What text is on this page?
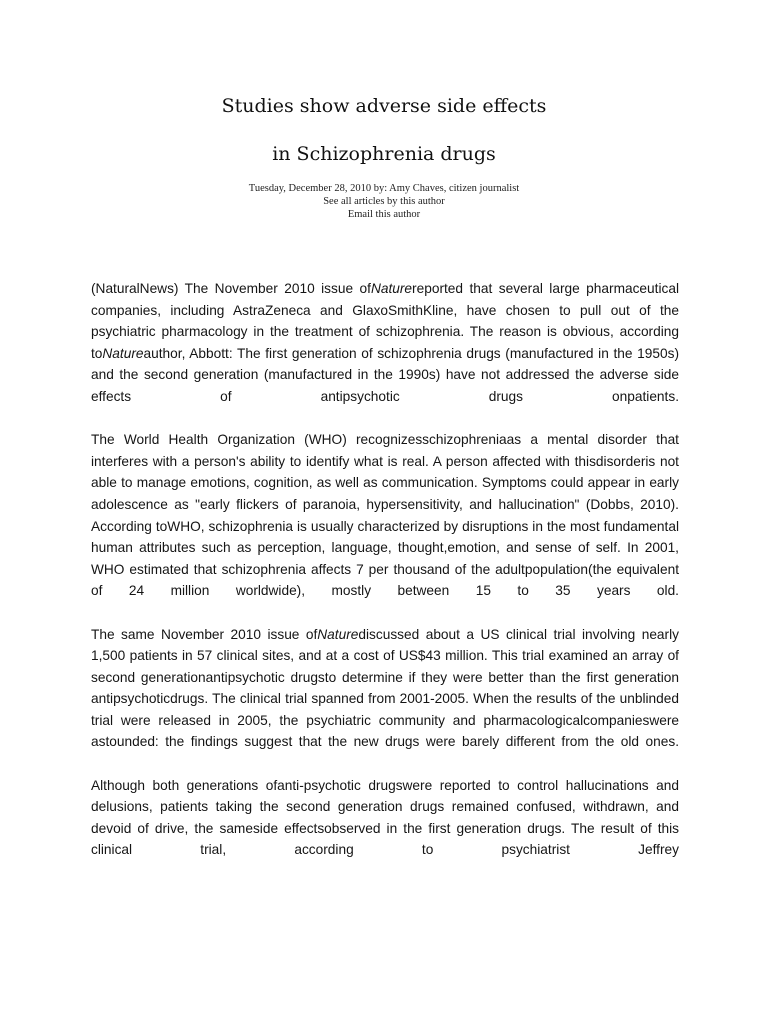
Studies show adverse side effects
in Schizophrenia drugs
Tuesday, December 28, 2010 by: Amy Chaves, citizen journalist
See all articles by this author
Email this author

(NaturalNews) The November 2010 issue ofNaturereported that several large pharmaceutical companies, including AstraZeneca and GlaxoSmithKline, have chosen to pull out of the psychiatric pharmacology in the treatment of schizophrenia. The reason is obvious, according toNatureauthor, Abbott: The first generation of schizophrenia drugs (manufactured in the 1950s) and the second generation (manufactured in the 1990s) have not addressed the adverse side effects of antipsychotic drugs onpatients.

The World Health Organization (WHO) recognizesschizophreniaas a mental disorder that interferes with a person's ability to identify what is real. A person affected with thisdisorderis not able to manage emotions, cognition, as well as communication. Symptoms could appear in early adolescence as "early flickers of paranoia, hypersensitivity, and hallucination" (Dobbs, 2010). According toWHO, schizophrenia is usually characterized by disruptions in the most fundamental human attributes such as perception, language, thought,emotion, and sense of self. In 2001, WHO estimated that schizophrenia affects 7 per thousand of the adultpopulation(the equivalent of 24 million worldwide), mostly between 15 to 35 years old.

The same November 2010 issue ofNaturediscussed about a US clinical trial involving nearly 1,500 patients in 57 clinical sites, and at a cost of US$43 million. This trial examined an array of second generationantipsychotic drugsto determine if they were better than the first generation antipsychoticdrugs. The clinical trial spanned from 2001-2005. When the results of the unblinded trial were released in 2005, the psychiatric community and pharmacologicalcompanieswere astounded: the findings suggest that the new drugs were barely different from the old ones.

Although both generations ofanti-psychotic drugswere reported to control hallucinations and delusions, patients taking the second generation drugs remained confused, withdrawn, and devoid of drive, the sameside effectsobserved in the first generation drugs. The result of this clinical trial, according to psychiatrist Jeffrey
